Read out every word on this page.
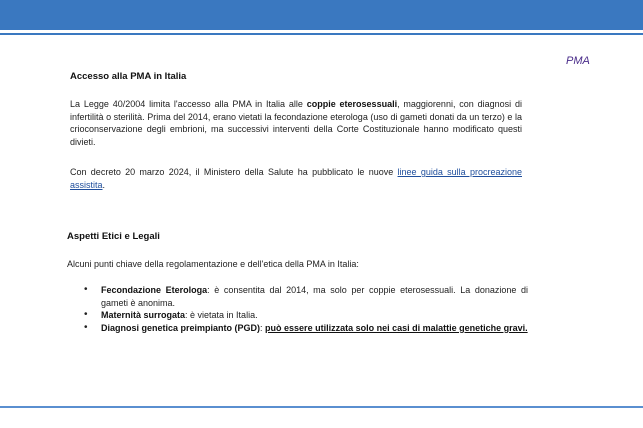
PMA
Accesso alla PMA in Italia
La Legge 40/2004 limita l'accesso alla PMA in Italia alle coppie eterosessuali, maggiorenni, con diagnosi di infertilità o sterilità. Prima del 2014, erano vietati la fecondazione eterologa (uso di gameti donati da un terzo) e la crioconservazione degli embrioni, ma successivi interventi della Corte Costituzionale hanno modificato questi divieti.
Con decreto 20 marzo 2024, il Ministero della Salute ha pubblicato le nuove linee guida sulla procreazione assistita.
Aspetti Etici e Legali
Alcuni punti chiave della regolamentazione e dell'etica della PMA in Italia:
• Fecondazione Eterologa: è consentita dal 2014, ma solo per coppie eterosessuali. La donazione di gameti è anonima.
• Maternità surrogata: è vietata in Italia.
• Diagnosi genetica preimpianto (PGD): può essere utilizzata solo nei casi di malattie genetiche gravi.
